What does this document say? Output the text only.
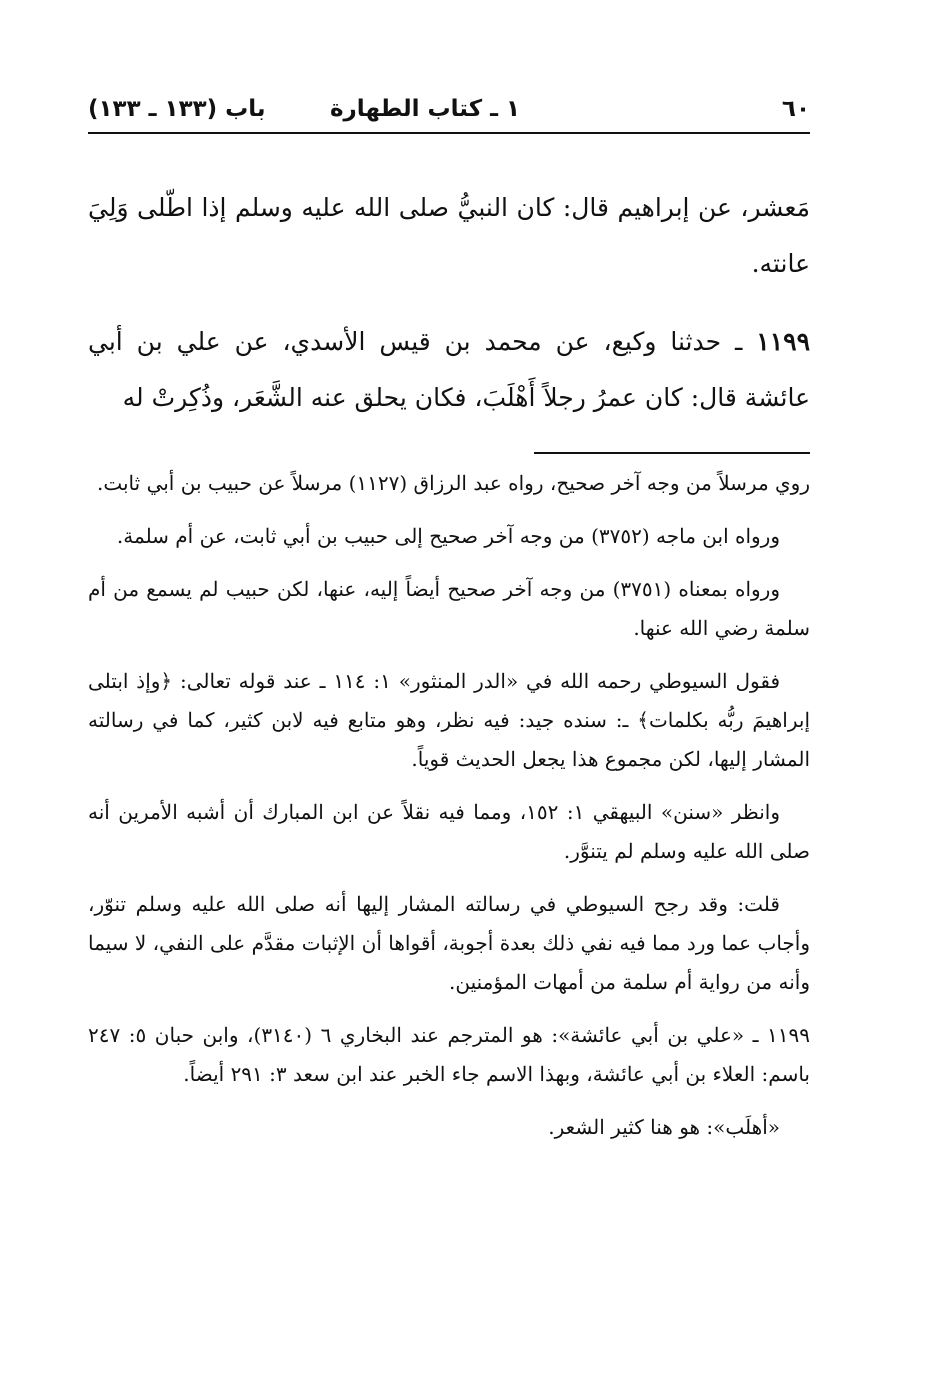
٦٠
١ ـ كتاب الطهارة
باب (١٣٣ ـ ١٣٣)

مَعشر، عن إبراهيم قال: كان النبيُّ صلى الله عليه وسلم إذا اطّلى وَلِيَ عانته.

١١٩٩ ـ حدثنا وكيع، عن محمد بن قيس الأسدي، عن علي بن أبي عائشة قال: كان عمرُ رجلاً أَهْلَبَ، فكان يحلق عنه الشَّعَر، وذُكِرتْ له

روي مرسلاً من وجه آخر صحيح، رواه عبد الرزاق (١١٢٧) مرسلاً عن حبيب بن أبي ثابت.

ورواه ابن ماجه (٣٧٥٢) من وجه آخر صحيح إلى حبيب بن أبي ثابت، عن أم سلمة.

ورواه بمعناه (٣٧٥١) من وجه آخر صحيح أيضاً إليه، عنها، لكن حبيب لم يسمع من أم سلمة رضي الله عنها.

فقول السيوطي رحمه الله في «الدر المنثور» ١: ١١٤ ـ عند قوله تعالى: ﴿وإذ ابتلى إبراهيمَ ربُّه بكلمات﴾ ـ: سنده جيد: فيه نظر، وهو متابع فيه لابن كثير، كما في رسالته المشار إليها، لكن مجموع هذا يجعل الحديث قوياً.

وانظر «سنن» البيهقي ١: ١٥٢، ومما فيه نقلاً عن ابن المبارك أن أشبه الأمرين أنه صلى الله عليه وسلم لم يتنوَّر.

قلت: وقد رجح السيوطي في رسالته المشار إليها أنه صلى الله عليه وسلم تنوّر، وأجاب عما ورد مما فيه نفي ذلك بعدة أجوبة، أقواها أن الإثبات مقدَّم على النفي، لا سيما وأنه من رواية أم سلمة من أمهات المؤمنين.

١١٩٩ ـ «علي بن أبي عائشة»: هو المترجم عند البخاري ٦ (٣١٤٠)، وابن حبان ٥: ٢٤٧ باسم: العلاء بن أبي عائشة، وبهذا الاسم جاء الخبر عند ابن سعد ٣: ٢٩١ أيضاً.

«أهلَب»: هو هنا كثير الشعر.
